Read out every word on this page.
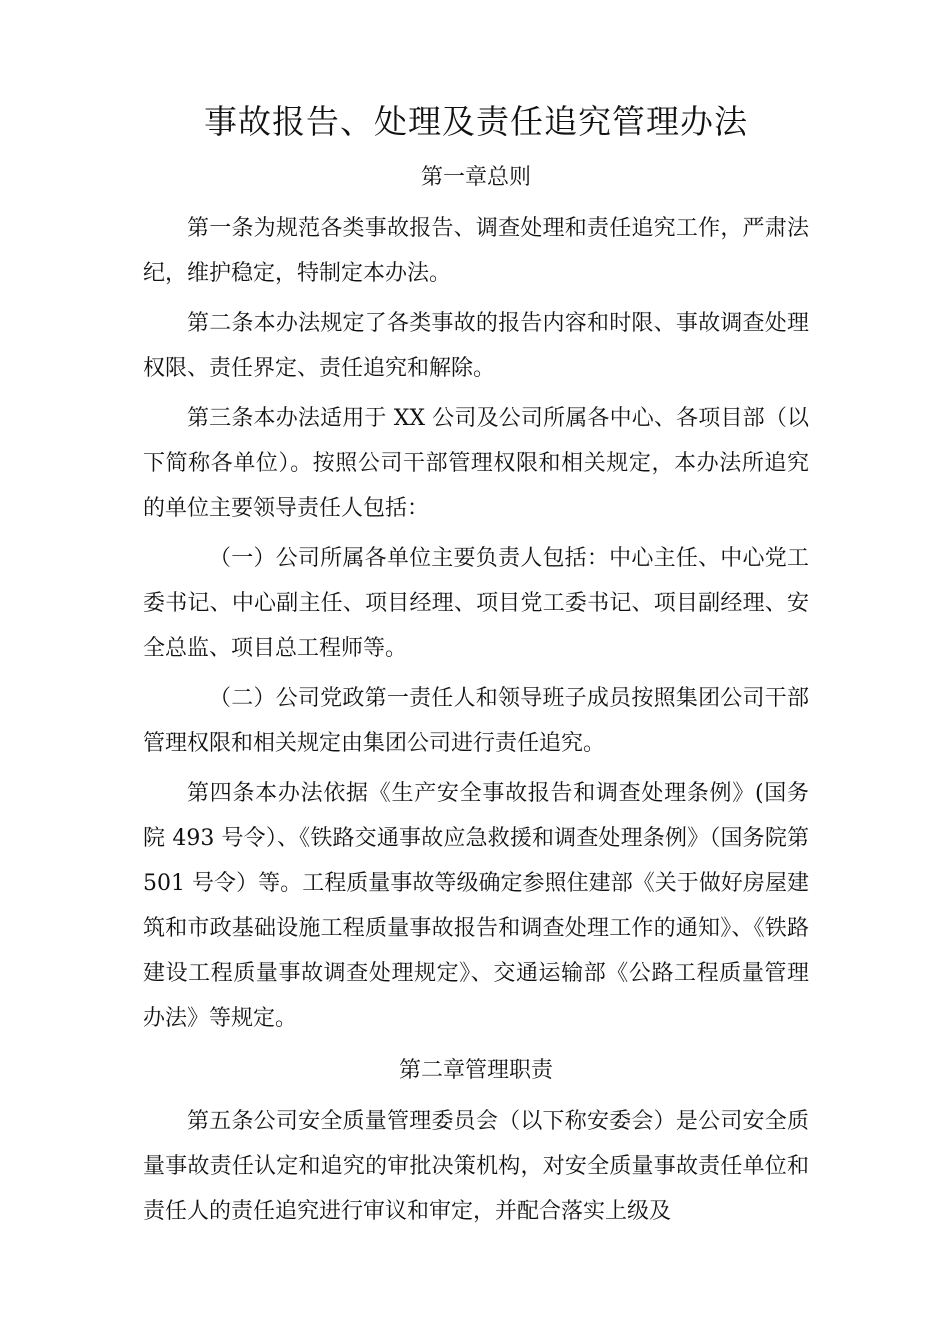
事故报告、处理及责任追究管理办法
第一章总则

第一条为规范各类事故报告、调查处理和责任追究工作，严肃法纪，维护稳定，特制定本办法。

第二条本办法规定了各类事故的报告内容和时限、事故调查处理权限、责任界定、责任追究和解除。

第三条本办法适用于 XX 公司及公司所属各中心、各项目部（以下简称各单位）。按照公司干部管理权限和相关规定，本办法所追究的单位主要领导责任人包括：

（一）公司所属各单位主要负责人包括：中心主任、中心党工委书记、中心副主任、项目经理、项目党工委书记、项目副经理、安全总监、项目总工程师等。

（二）公司党政第一责任人和领导班子成员按照集团公司干部管理权限和相关规定由集团公司进行责任追究。

第四条本办法依据《生产安全事故报告和调查处理条例》(国务院 493 号令）、《铁路交通事故应急救援和调查处理条例》（国务院第 501 号令）等。工程质量事故等级确定参照住建部《关于做好房屋建筑和市政基础设施工程质量事故报告和调查处理工作的通知》、《铁路建设工程质量事故调查处理规定》、交通运输部《公路工程质量管理办法》等规定。

第二章管理职责

第五条公司安全质量管理委员会（以下称安委会）是公司安全质量事故责任认定和追究的审批决策机构，对安全质量事故责任单位和责任人的责任追究进行审议和审定，并配合落实上级及
